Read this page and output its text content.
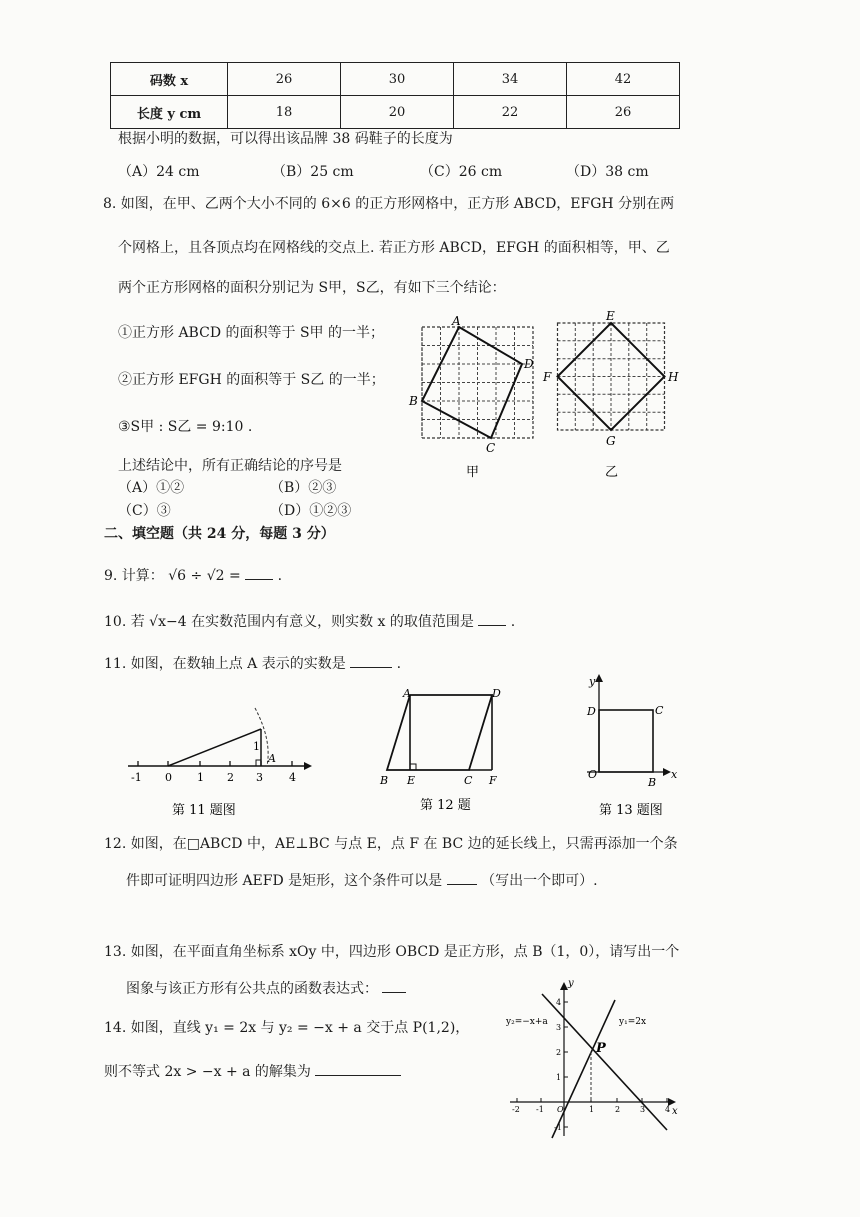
码数 x	26	30	34	42
长度 y cm	18	20	22	26
根据小明的数据，可以得出该品牌 38 码鞋子的长度为
（A）24 cm	（B）25 cm	（C）26 cm	（D）38 cm
8. 如图，在甲、乙两个大小不同的 6×6 的正方形网格中，正方形 ABCD，EFGH 分别在两
个网格上，且各顶点均在网格线的交点上. 若正方形 ABCD，EFGH 的面积相等，甲、乙
两个正方形网格的面积分别记为 S甲，S乙，有如下三个结论：
①正方形 ABCD 的面积等于 S甲 的一半；
②正方形 EFGH 的面积等于 S乙 的一半；
③S甲 : S乙 = 9:10 .
上述结论中，所有正确结论的序号是
（A）①②	（B）②③
（C）③	（D）①②③
A
D
B
C
甲
E
F	H
G
乙
二、填空题（共 24 分，每题 3 分）
9. 计算： √6 ÷ √2 =	.
10. 若 √x−4 在实数范围内有意义，则实数 x 的取值范围是	.
11. 如图，在数轴上点 A 表示的实数是	.
-1 0 1 2 3 4
1
A
第 11 题图
A	D
B E	C F
第 12 题
y
x
D	C
O
B
第 13 题图
12. 如图，在□ABCD 中，AE⊥BC 与点 E，点 F 在 BC 边的延长线上，只需再添加一个条
件即可证明四边形 AEFD 是矩形，这个条件可以是	（写出一个即可）.
13. 如图，在平面直角坐标系 xOy 中，四边形 OBCD 是正方形，点 B（1，0），请写出一个
图象与该正方形有公共点的函数表达式：
14. 如图，直线 y₁ = 2x 与 y₂ = −x + a 交于点 P(1,2)，
则不等式 2x > −x + a 的解集为
y₂=−x+a	y₁=2x
P
y
x
-2 -1 O	1	2 3 4
4
3
2
1
-1
